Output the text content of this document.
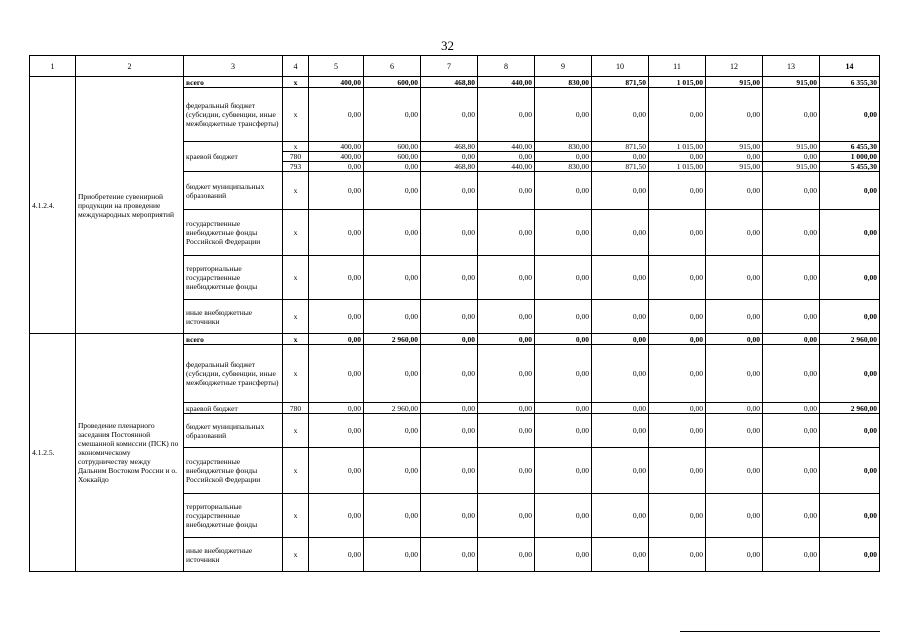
32
1	2	3	4	5	6	7	8	9	10	11	12	13	14
4.1.2.4.	Приобретение сувенирной продукции на проведение международных мероприятий	всего	х	400,00	600,00	468,80	440,00	830,00	871,50	1 015,00	915,00	915,00	6 355,30
		федеральный бюджет (субсидии, субвенции, иные межбюджетные трансферты)	х	0,00	0,00	0,00	0,00	0,00	0,00	0,00	0,00	0,00	0,00
		краевой бюджет	х	400,00	600,00	468,80	440,00	830,00	871,50	1 015,00	915,00	915,00	6 455,30
			780	400,00	600,00	0,00	0,00	0,00	0,00	0,00	0,00	0,00	1 000,00
			793	0,00	0,00	468,80	440,00	830,00	871,50	1 015,00	915,00	915,00	5 455,30
		бюджет муниципальных образований	х	0,00	0,00	0,00	0,00	0,00	0,00	0,00	0,00	0,00	0,00
		государственные внебюджетные фонды Российской Федерации	х	0,00	0,00	0,00	0,00	0,00	0,00	0,00	0,00	0,00	0,00
		территориальные государственные внебюджетные фонды	х	0,00	0,00	0,00	0,00	0,00	0,00	0,00	0,00	0,00	0,00
		иные внебюджетные источники	х	0,00	0,00	0,00	0,00	0,00	0,00	0,00	0,00	0,00	0,00
4.1.2.5.	Проведение пленарного заседания Постоянной смешанной комиссии (ПСК) по экономическому сотрудничеству между Дальним Востоком России и о. Хоккайдо	всего	х	0,00	2 960,00	0,00	0,00	0,00	0,00	0,00	0,00	0,00	2 960,00
		федеральный бюджет (субсидии, субвенции, иные межбюджетные трансферты)	х	0,00	0,00	0,00	0,00	0,00	0,00	0,00	0,00	0,00	0,00
		краевой бюджет	780	0,00	2 960,00	0,00	0,00	0,00	0,00	0,00	0,00	0,00	2 960,00
		бюджет муниципальных образований	х	0,00	0,00	0,00	0,00	0,00	0,00	0,00	0,00	0,00	0,00
		государственные внебюджетные фонды Российской Федерации	х	0,00	0,00	0,00	0,00	0,00	0,00	0,00	0,00	0,00	0,00
		территориальные государственные внебюджетные фонды	х	0,00	0,00	0,00	0,00	0,00	0,00	0,00	0,00	0,00	0,00
		иные внебюджетные источники	х	0,00	0,00	0,00	0,00	0,00	0,00	0,00	0,00	0,00	0,00
